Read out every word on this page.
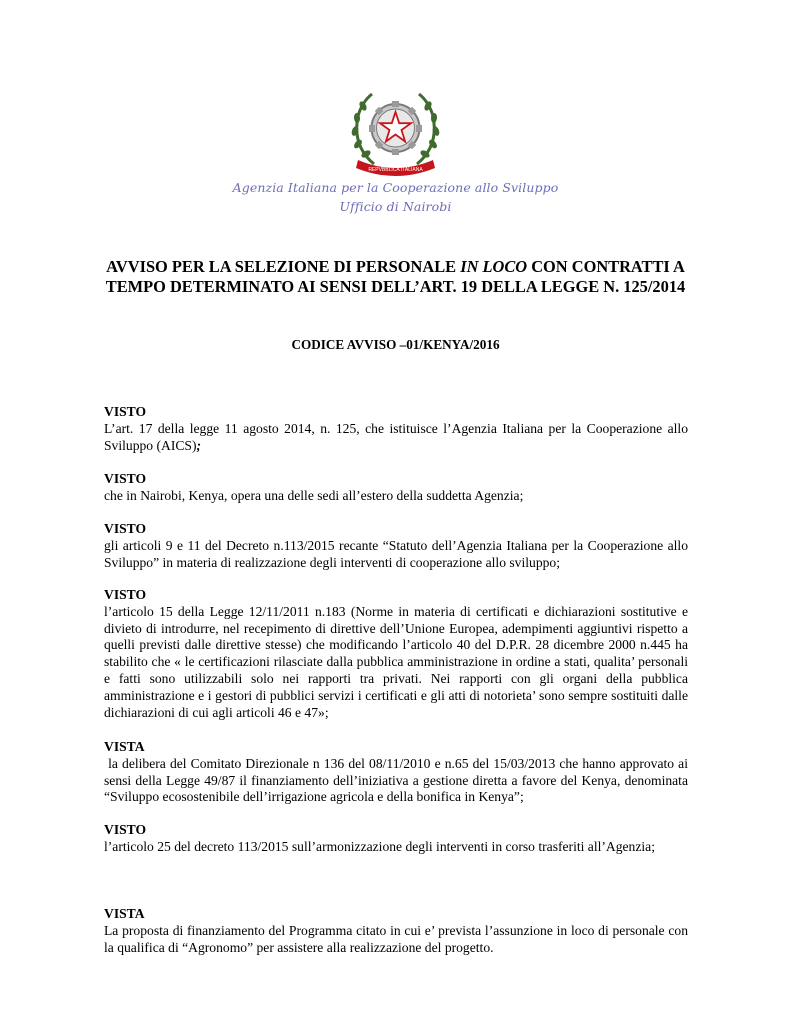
REPVBBLICA ITALIANA
Agenzia Italiana per la Cooperazione allo Sviluppo
Ufficio di Nairobi
AVVISO PER LA SELEZIONE DI PERSONALE IN LOCO CON CONTRATTI A TEMPO DETERMINATO AI SENSI DELL’ART. 19 DELLA LEGGE N. 125/2014
CODICE AVVISO –01/KENYA/2016
VISTO
L’art. 17 della legge 11 agosto 2014, n. 125, che istituisce l’Agenzia Italiana per la Cooperazione allo Sviluppo (AICS);
VISTO
che in Nairobi, Kenya, opera una delle sedi all’estero della suddetta Agenzia;
VISTO
gli articoli 9 e 11 del Decreto n.113/2015 recante “Statuto dell’Agenzia Italiana per la Cooperazione allo Sviluppo” in materia di realizzazione degli interventi di cooperazione allo sviluppo;
VISTO
l’articolo 15 della Legge 12/11/2011 n.183 (Norme in materia di certificati e dichiarazioni sostitutive e divieto di introdurre, nel recepimento di direttive dell’Unione Europea, adempimenti aggiuntivi rispetto a quelli previsti dalle direttive stesse) che modificando l’articolo 40 del D.P.R. 28 dicembre 2000 n.445 ha stabilito che « le certificazioni rilasciate dalla pubblica amministrazione in ordine a stati, qualita’ personali e fatti sono utilizzabili solo nei rapporti tra privati. Nei rapporti con gli organi della pubblica amministrazione e i gestori di pubblici servizi i certificati e gli atti di notorieta’ sono sempre sostituiti dalle dichiarazioni di cui agli articoli 46 e 47»;
VISTA
la delibera del Comitato Direzionale n 136 del 08/11/2010 e n.65 del 15/03/2013 che hanno approvato ai sensi della Legge 49/87 il finanziamento dell’iniziativa a gestione diretta a favore del Kenya, denominata “Sviluppo ecosostenibile dell’irrigazione agricola e della bonifica in Kenya”;
VISTO
l’articolo 25 del decreto 113/2015 sull’armonizzazione degli interventi in corso trasferiti all’Agenzia;
VISTA
La proposta di finanziamento del Programma citato in cui e’ prevista l’assunzione in loco di personale con la qualifica di “Agronomo” per assistere alla realizzazione del progetto.
